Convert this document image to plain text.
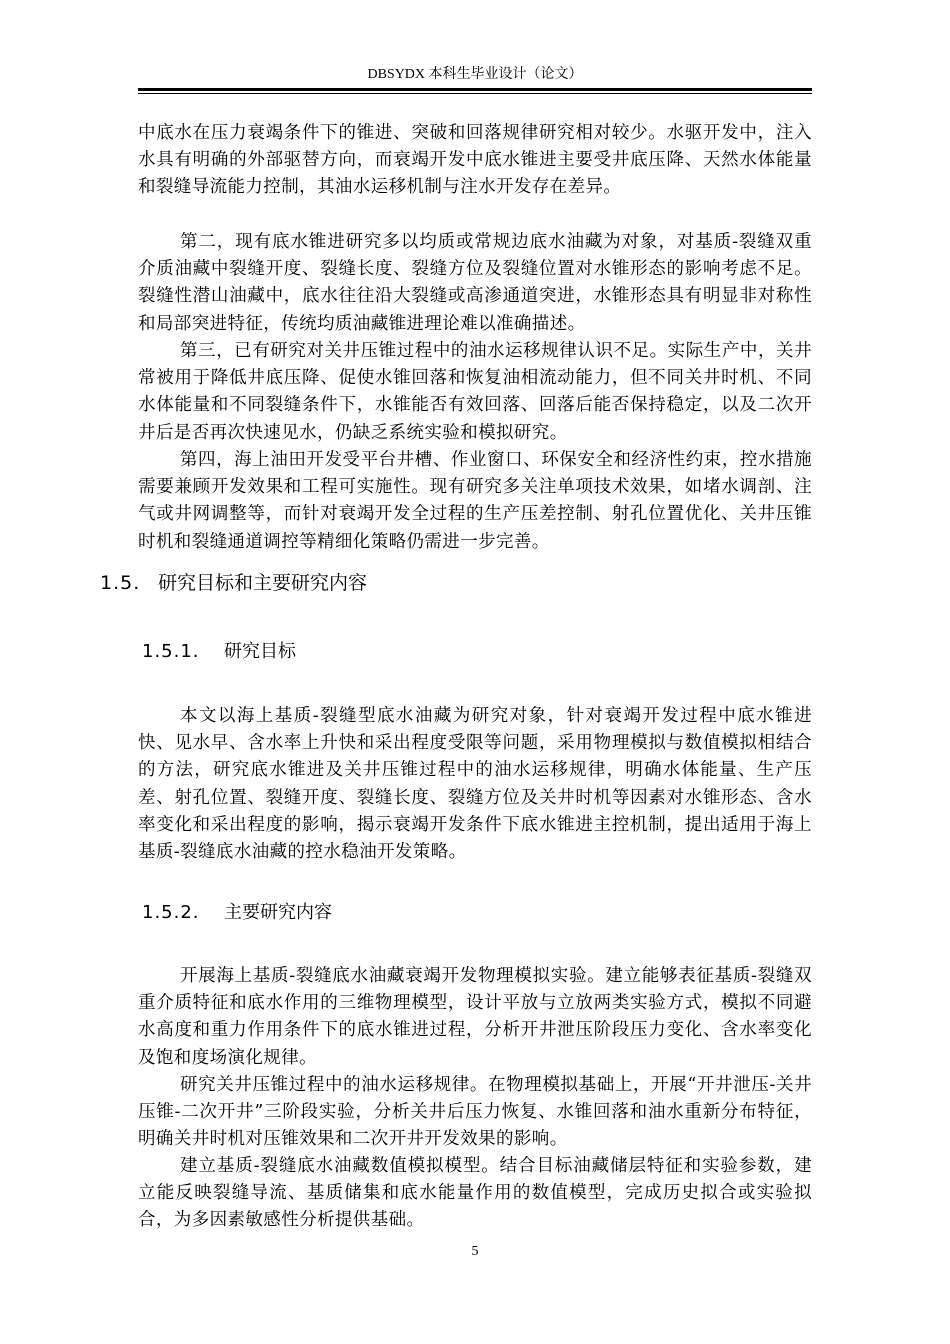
DBSYDX 本科生毕业设计（论文）

中底水在压力衰竭条件下的锥进、突破和回落规律研究相对较少。水驱开发中，注入水具有明确的外部驱替方向，而衰竭开发中底水锥进主要受井底压降、天然水体能量和裂缝导流能力控制，其油水运移机制与注水开发存在差异。

第二，现有底水锥进研究多以均质或常规边底水油藏为对象，对基质-裂缝双重介质油藏中裂缝开度、裂缝长度、裂缝方位及裂缝位置对水锥形态的影响考虑不足。裂缝性潜山油藏中，底水往往沿大裂缝或高渗通道突进，水锥形态具有明显非对称性和局部突进特征，传统均质油藏锥进理论难以准确描述。

第三，已有研究对关井压锥过程中的油水运移规律认识不足。实际生产中，关井常被用于降低井底压降、促使水锥回落和恢复油相流动能力，但不同关井时机、不同水体能量和不同裂缝条件下，水锥能否有效回落、回落后能否保持稳定，以及二次开井后是否再次快速见水，仍缺乏系统实验和模拟研究。

第四，海上油田开发受平台井槽、作业窗口、环保安全和经济性约束，控水措施需要兼顾开发效果和工程可实施性。现有研究多关注单项技术效果，如堵水调剖、注气或井网调整等，而针对衰竭开发全过程的生产压差控制、射孔位置优化、关井压锥时机和裂缝通道调控等精细化策略仍需进一步完善。

1.5. 研究目标和主要研究内容
1.5.1. 研究目标

本文以海上基质-裂缝型底水油藏为研究对象，针对衰竭开发过程中底水锥进快、见水早、含水率上升快和采出程度受限等问题，采用物理模拟与数值模拟相结合的方法，研究底水锥进及关井压锥过程中的油水运移规律，明确水体能量、生产压差、射孔位置、裂缝开度、裂缝长度、裂缝方位及关井时机等因素对水锥形态、含水率变化和采出程度的影响，揭示衰竭开发条件下底水锥进主控机制，提出适用于海上基质-裂缝底水油藏的控水稳油开发策略。

1.5.2. 主要研究内容

开展海上基质-裂缝底水油藏衰竭开发物理模拟实验。建立能够表征基质-裂缝双重介质特征和底水作用的三维物理模型，设计平放与立放两类实验方式，模拟不同避水高度和重力作用条件下的底水锥进过程，分析开井泄压阶段压力变化、含水率变化及饱和度场演化规律。

研究关井压锥过程中的油水运移规律。在物理模拟基础上，开展“开井泄压-关井压锥-二次开井”三阶段实验，分析关井后压力恢复、水锥回落和油水重新分布特征，明确关井时机对压锥效果和二次开井开发效果的影响。

建立基质-裂缝底水油藏数值模拟模型。结合目标油藏储层特征和实验参数，建立能反映裂缝导流、基质储集和底水能量作用的数值模型，完成历史拟合或实验拟合，为多因素敏感性分析提供基础。

5
